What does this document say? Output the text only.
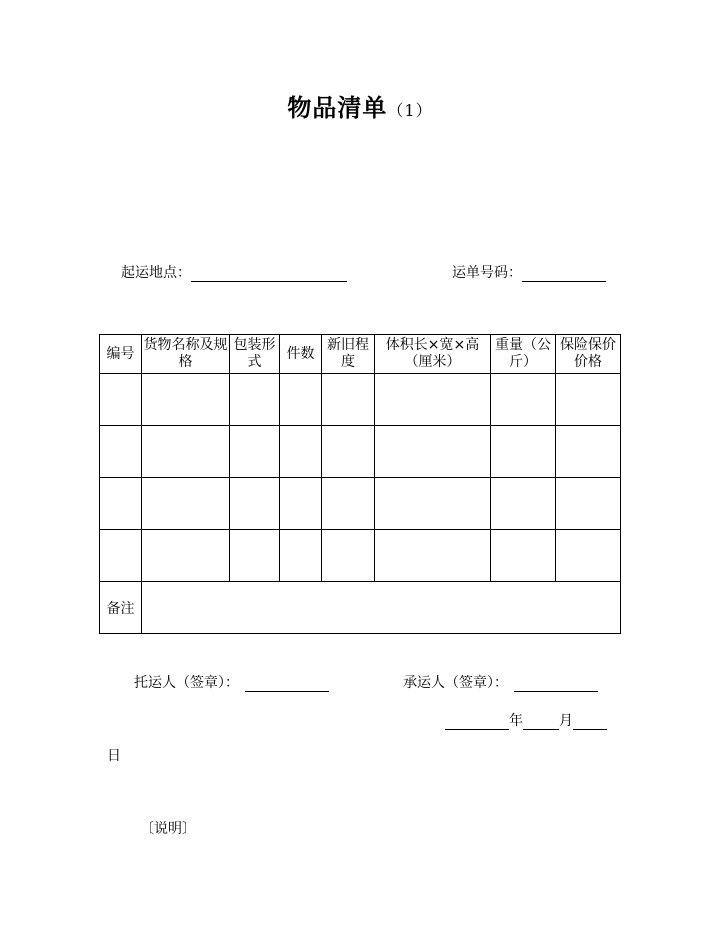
物品清单（1）
起运地点：	运单号码：
编号	货物名称及规格	包装形式	件数	新旧程度	体积长×宽×高（厘米）	重量（公斤）	保险保价价格

备注							
托运人（签章）：	承运人（签章）：
年	月
日
〔说明〕
